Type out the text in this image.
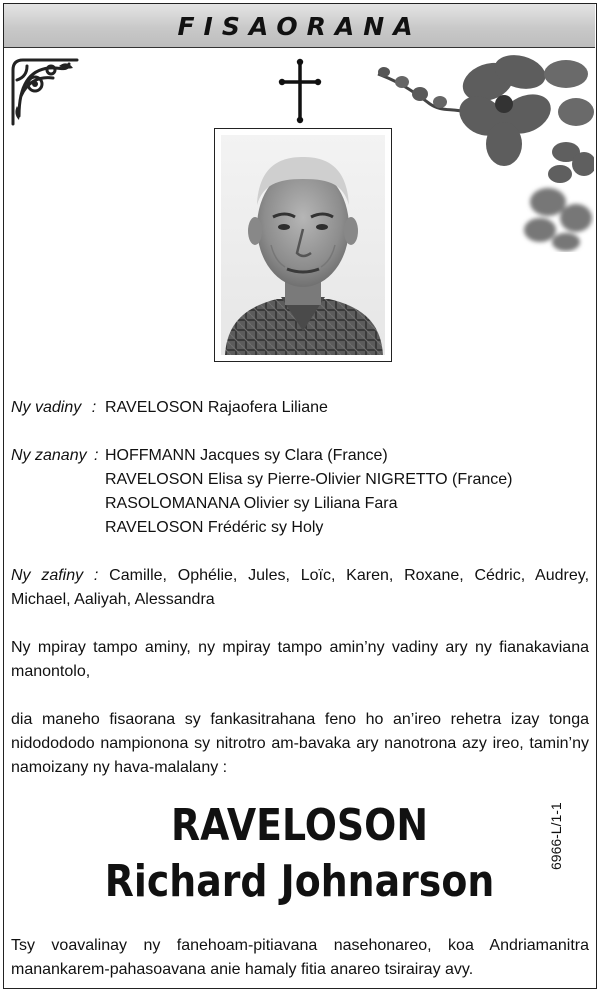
FISAORANA
Ny vadiny : RAVELOSON Rajaofera Liliane
Ny zanany : HOFFMANN Jacques sy Clara (France)
RAVELOSON Elisa sy Pierre-Olivier NIGRETTO (France)
RASOLOMANANA Olivier sy Liliana Fara
RAVELOSON Frédéric sy Holy
Ny zafiny : Camille, Ophélie, Jules, Loïc, Karen, Roxane, Cédric, Audrey,
Michael, Aaliyah, Alessandra
Ny mpiray tampo aminy, ny mpiray tampo amin’ny vadiny ary ny fianakaviana manontolo,
dia maneho fisaorana sy fankasitrahana feno ho an’ireo rehetra izay tonga nidodododo nampionona sy nitrotro am-bavaka ary nanotrona azy ireo, tamin’ny namoizany ny hava-malalany :
RAVELOSON
Richard Johnarson
6966-L/1-1
Tsy voavalinay ny fanehoam-pitiavana nasehonareo, koa Andriamanitra manankarem-pahasoavana anie hamaly fitia anareo tsirairay avy.
